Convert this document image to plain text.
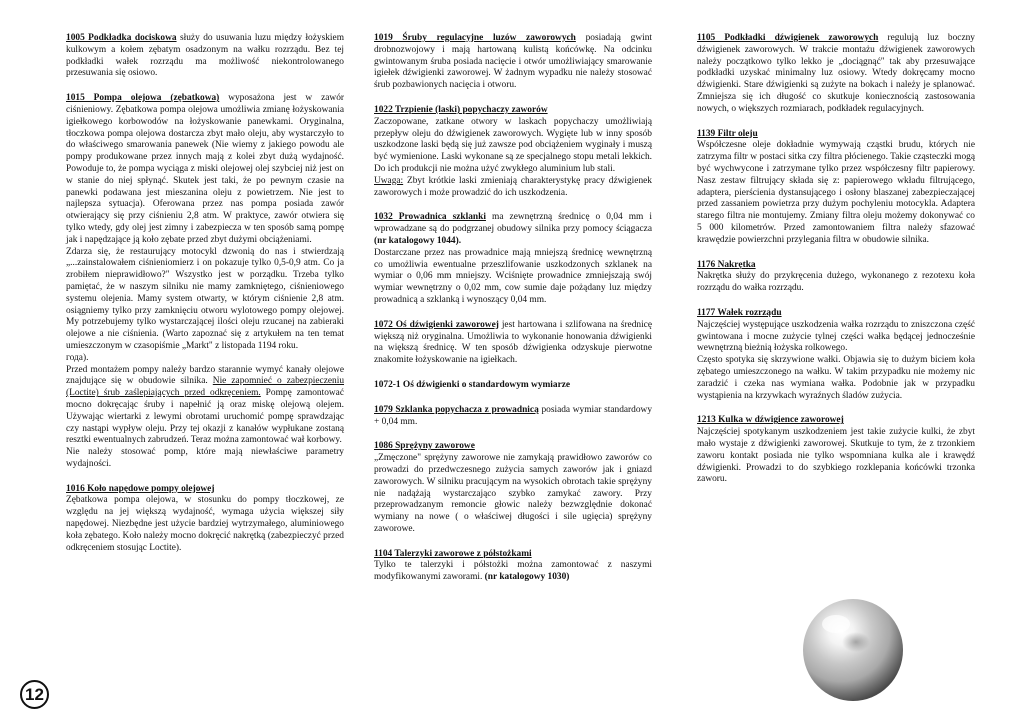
1005 Podkładka dociskowa służy do usuwania luzu między łożyskiem kulkowym a kołem zębatym osadzonym na wałku rozrządu. Bez tej podkładki wałek rozrządu ma możliwość niekontrolowanego przesuwania się osiowo.

1015 Pompa olejowa (zębatkowa) wyposażona jest w zawór ciśnieniowy. Zębatkowa pompa olejowa umożliwia zmianę łożyskowania igiełkowego korbowodów na łożyskowanie panewkami. Oryginalna, tłoczkowa pompa olejowa dostarcza zbyt mało oleju, aby wystarczyło to do właściwego smarowania panewek (Nie wiemy z jakiego powodu ale pompy produkowane przez innych mają z kolei zbyt dużą wydajność. Powoduje to, że pompa wyciąga z miski olejowej olej szybciej niż jest on w stanie do niej spłynąć. Skutek jest taki, że po pewnym czasie na panewki podawana jest mieszanina oleju z powietrzem. Nie jest to najlepsza sytuacja). Oferowana przez nas pompa posiada zawór otwierający się przy ciśnieniu 2,8 atm. W praktyce, zawór otwiera się tylko wtedy, gdy olej jest zimny i zabezpiecza w ten sposób samą pompę jak i napędzające ją koło zębate przed zbyt dużymi obciążeniami.

Zdarza się, że restaurujący motocykl dzwonią do nas i stwierdzają „...zainstalowałem ciśnieniomierz i on pokazuje tylko 0,5-0,9 atm. Co ja zrobiłem nieprawidłowo?" Wszystko jest w porządku. Trzeba tylko pamiętać, że w naszym silniku nie mamy zamkniętego, ciśnieniowego systemu olejenia. Mamy system otwarty, w którym ciśnienie 2,8 atm. osiągniemy tylko przy zamknięciu otworu wylotowego pompy olejowej. My potrzebujemy tylko wystarczającej ilości oleju rzucanej na zabieraki olejowe a nie ciśnienia. (Warto zapoznać się z artykułem na ten temat umieszczonym w czasopiśmie „Markt" z listopada 1194 roku.

года).

Przed montażem pompy należy bardzo starannie wymyć kanały olejowe znajdujące się w obudowie silnika. Nie zapomnieć o zabezpieczeniu (Loctite) śrub zaślepiających przed odkręceniem. Pompę zamontować mocno dokręcając śruby i napełnić ją oraz miskę olejową olejem. Używając wiertarki z lewymi obrotami uruchomić pompę sprawdzając czy nastąpi wypływ oleju. Przy tej okazji z kanałów wypłukane zostaną resztki ewentualnych zabrudzeń. Teraz można zamontować wał korbowy.

Nie należy stosować pomp, które mają niewłaściwe parametry wydajności.

1016 Koło napędowe pompy olejowej

Zębatkowa pompa olejowa, w stosunku do pompy tłoczkowej, ze względu na jej większą wydajność, wymaga użycia większej siły napędowej. Niezbędne jest użycie bardziej wytrzymałego, aluminiowego koła zębatego. Koło należy mocno dokręcić nakrętką (zabezpieczyć przed odkręceniem stosując Loctite).

1019 Śruby regulacyjne luzów zaworowych posiadają gwint drobnozwojowy i mają hartowaną kulistą końcówkę. Na odcinku gwintowanym śruba posiada nacięcie i otwór umożliwiający smarowanie igiełek dźwigienki zaworowej. W żadnym wypadku nie należy stosować śrub pozbawionych nacięcia i otworu.

1022 Trzpienie (laski) popychaczy zaworów

Zaczopowane, zatkane otwory w laskach popychaczy umożliwiają przepływ oleju do dźwigienek zaworowych. Wygięte lub w inny sposób uszkodzone laski będą się już zawsze pod obciążeniem wyginały i muszą być wymienione. Laski wykonane są ze specjalnego stopu metali lekkich. Do ich produkcji nie można użyć zwykłego aluminium lub stali.

Uwaga: Zbyt krótkie laski zmieniają charakterystykę pracy dźwigienek zaworowych i może prowadzić do ich uszkodzenia.

1032 Prowadnica szklanki ma zewnętrzną średnicę o 0,04 mm i wprowadzane są do podgrzanej obudowy silnika przy pomocy ściągacza (nr katalogowy 1044).

Dostarczane przez nas prowadnice mają mniejszą średnicę wewnętrzną co umożliwia ewentualne przeszlifowanie uszkodzonych szklanek na wymiar o 0,06 mm mniejszy. Wciśnięte prowadnice zmniejszają swój wymiar wewnętrzny o 0,02 mm, cow sumie daje pożądany luz między prowadnicą a szklanką i wynoszący 0,04 mm.

1072 Oś dźwigienki zaworowej jest hartowana i szlifowana na średnicę większą niż oryginalna. Umożliwia to wykonanie honowania dźwigienki na większą średnicę. W ten sposób dźwigienka odzyskuje pierwotne znakomite łożyskowanie na igiełkach.

1072-1 Oś dźwigienki o standardowym wymiarze

1079 Szklanka popychacza z prowadnicą posiada wymiar standardowy + 0,04 mm.

1086 Sprężyny zaworowe

„Zmęczone" sprężyny zaworowe nie zamykają prawidłowo zaworów co prowadzi do przedwczesnego zużycia samych zaworów jak i gniazd zaworowych. W silniku pracującym na wysokich obrotach takie sprężyny nie nadążają wystarczająco szybko zamykać zawory. Przy przeprowadzanym remoncie głowic należy bezwzględnie dokonać wymiany na nowe ( o właściwej długości i sile ugięcia) sprężyny zaworowe.

1104 Talerzyki zaworowe z półstożkami

Tylko te talerzyki i półstożki można zamontować z naszymi modyfikowanymi zaworami. (nr katalogowy 1030)

1105 Podkładki dźwigienek zaworowych regulują luz boczny dźwigienek zaworowych. W trakcie montażu dźwigienek zaworowych należy początkowo tylko lekko je „dociągnąć" tak aby przesuwające podkładki uzyskać minimalny luz osiowy. Wtedy dokręcamy mocno dźwigienki. Stare dźwigienki są zużyte na bokach i należy je splanować. Zmniejsza się ich długość co skutkuje koniecznością zastosowania nowych, o większych rozmiarach, podkładek regulacyjnych.

1139 Filtr oleju

Współczesne oleje dokładnie wymywają cząstki brudu, których nie zatrzyma filtr w postaci sitka czy filtra płócienego. Takie cząsteczki mogą być wychwycone i zatrzymane tylko przez współczesny filtr papierowy. Nasz zestaw filtrujący składa się z: papierowego wkładu filtrującego, adaptera, pierścienia dystansującego i osłony blaszanej zabezpieczającej przed zassaniem powietrza przy dużym pochyleniu motocykla. Adaptera starego filtra nie montujemy. Zmiany filtra oleju możemy dokonywać co 5 000 kilometrów. Przed zamontowaniem filtra należy sfazować krawędzie powierzchni przylegania filtra w obudowie silnika.

1176 Nakrętka

Nakrętka służy do przykręcenia dużego, wykonanego z rezotexu koła rozrządu do wałka rozrządu.

1177 Wałek rozrządu

Najczęściej występujące uszkodzenia wałka rozrządu to zniszczona część gwintowana i mocne zużycie tylnej części wałka będącej jednocześnie wewnętrzną bieżnią łożyska rolkowego.

Często spotyka się skrzywione wałki. Objawia się to dużym biciem koła zębatego umieszczonego na wałku. W takim przypadku nie możemy nic zaradzić i czeka nas wymiana wałka. Podobnie jak w przypadku wystąpienia na krzywkach wyraźnych śladów zużycia.

1213 Kulka w dźwigience zaworowej

Najczęściej spotykanym uszkodzeniem jest takie zużycie kulki, że zbyt mało wystaje z dźwigienki zaworowej. Skutkuje to tym, że z trzonkiem zaworu kontakt posiada nie tylko wspomniana kulka ale i krawędź dźwigienki. Prowadzi to do szybkiego rozklepania końcówki trzonka zaworu.

12
